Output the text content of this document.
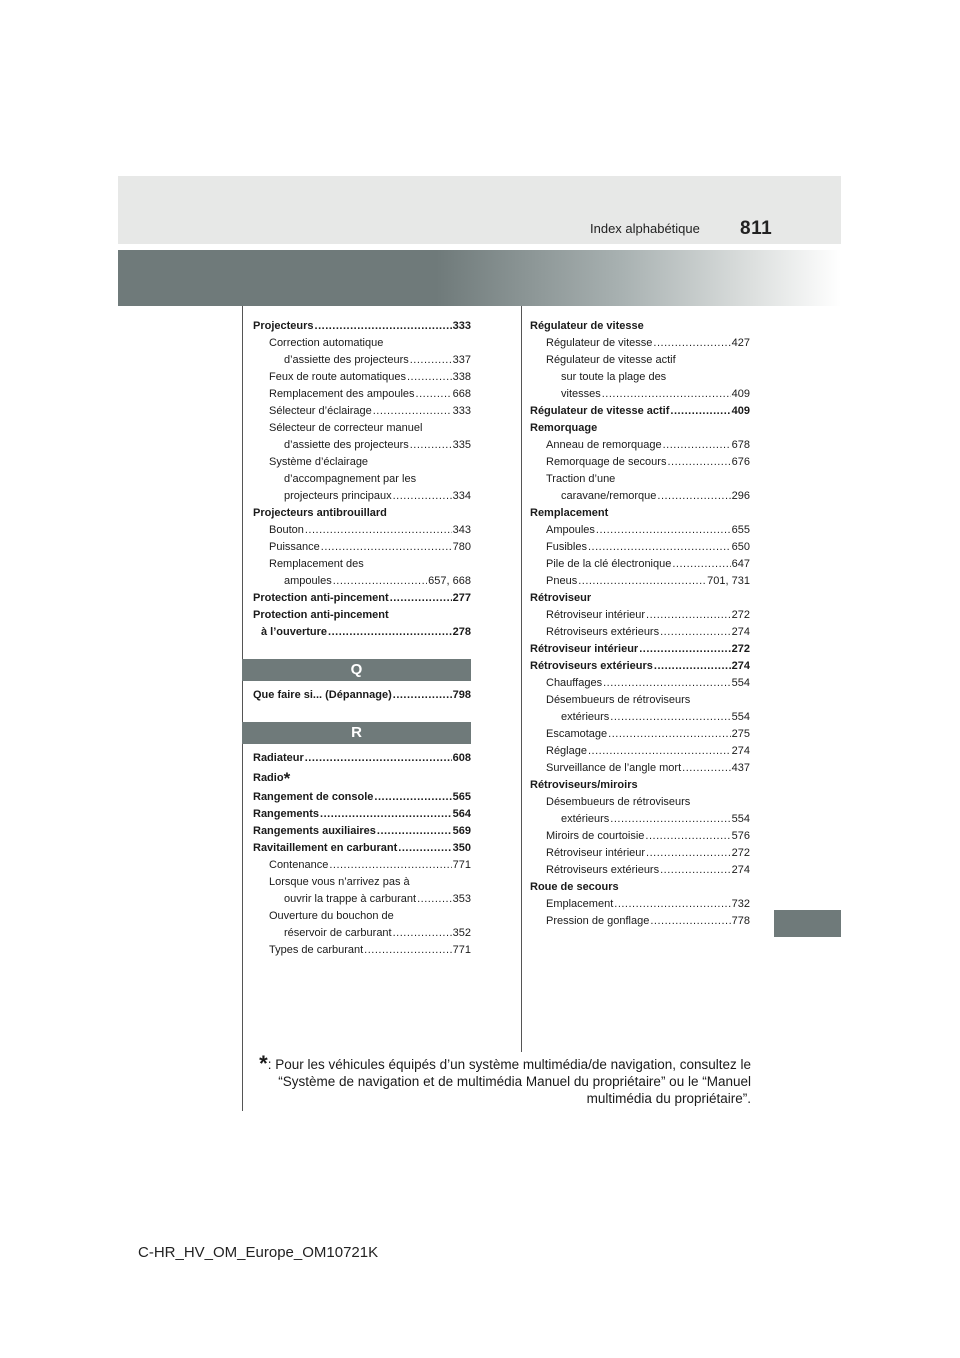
Index alphabétique 811
Projecteurs .....	333
Correction automatique
d’assiette des projecteurs .....	337
Feux de route automatiques .....	338
Remplacement des ampoules .....	668
Sélecteur d’éclairage .....	333
Sélecteur de correcteur manuel
d’assiette des projecteurs .....	335
Système d’éclairage
d’accompagnement par les
projecteurs principaux .....	334
Projecteurs antibrouillard
Bouton .....	343
Puissance .....	780
Remplacement des
ampoules .....	657, 668
Protection anti-pincement .....	277
Protection anti-pincement
à l’ouverture .....	278
Q
Que faire si... (Dépannage) .....	798
R
Radiateur .....	608
Radio *
Rangement de console .....	565
Rangements .....	564
Rangements auxiliaires .....	569
Ravitaillement en carburant .....	350
Contenance .....	771
Lorsque vous n’arrivez pas à
ouvrir la trappe à carburant .....	353
Ouverture du bouchon de
réservoir de carburant .....	352
Types de carburant .....	771
Régulateur de vitesse
Régulateur de vitesse .....	427
Régulateur de vitesse actif
sur toute la plage des
vitesses .....	409
Régulateur de vitesse actif .....	409
Remorquage
Anneau de remorquage .....	678
Remorquage de secours .....	676
Traction d’une
caravane/remorque .....	296
Remplacement
Ampoules .....	655
Fusibles .....	650
Pile de la clé électronique .....	647
Pneus .....	701, 731
Rétroviseur
Rétroviseur intérieur .....	272
Rétroviseurs extérieurs .....	274
Rétroviseur intérieur .....	272
Rétroviseurs extérieurs .....	274
Chauffages .....	554
Désembueurs de rétroviseurs
extérieurs .....	554
Escamotage .....	275
Réglage .....	274
Surveillance de l’angle mort .....	437
Rétroviseurs/miroirs
Désembueurs de rétroviseurs
extérieurs .....	554
Miroirs de courtoisie .....	576
Rétroviseur intérieur .....	272
Rétroviseurs extérieurs .....	274
Roue de secours
Emplacement .....	732
Pression de gonflage .....	778
*: Pour les véhicules équipés d’un système multimédia/de navigation, consultez le “Système de navigation et de multimédia Manuel du propriétaire” ou le “Manuel multimédia du propriétaire”.
C-HR_HV_OM_Europe_OM10721K
